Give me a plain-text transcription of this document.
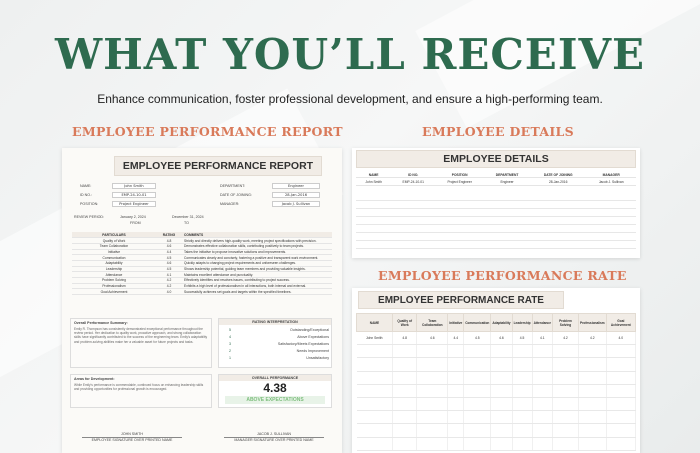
WHAT YOU’LL RECEIVE
Enhance communication, foster professional development, and ensure a high-performing team.
EMPLOYEE PERFORMANCE REPORT	EMPLOYEE DETAILS
EMPLOYEE PERFORMANCE RATE
EMPLOYEE PERFORMANCE REPORT
NAME:	John Smith
ID NO.:	EMP-24-10-01
POSITION:	Project Engineer
DEPARTMENT:	Engineer
DATE OF JOINING:	28-Jan-2016
MANAGER:	Jacob J. Sullivan
REVIEW PERIOD:	January 2, 2024	December 31, 2024
FROM	TO
PARTICULARS	RATING	COMMENTS
Quality of Work	4.8	Strictly and directly delivers high-quality work, meeting project specifications with precision.
Team Collaboration	4.6	Demonstrates effective collaboration skills, contributing positively to team projects.
Initiative	4.4	Takes the initiative to propose innovative solutions and improvements.
Communication	4.5	Communicates clearly and concisely, fostering a positive and transparent work environment.
Adaptability	4.6	Quickly adapts to changing project requirements and unforeseen challenges.
Leadership	4.5	Shows leadership potential, guiding team members and providing valuable insights.
Attendance	4.1	Maintains excellent attendance and punctuality.
Problem Solving	4.2	Effectively identifies and resolves issues, contributing to project success.
Professionalism	4.2	Exhibits a high level of professionalism in all interactions, both internal and external.
Goal Achievement	4.0	Successfully achieves set goals and targets within the specified timelines.
Overall Performance Summary:
Emily R. Thompson has consistently demonstrated exceptional performance throughout the review period. Her dedication to quality work, proactive approach, and strong collaboration skills have significantly contributed to the success of the engineering team. Emily's adaptability and problem-solving abilities make her a valuable asset for future projects and tasks.
RATING INTERPRETATION
5	Outstanding/Exceptional
4	Above Expectations
3	Satisfactory/Meets Expectations
2	Needs Improvement
1	Unsatisfactory
Areas for Development:
While Emily's performance is commendable, continued focus on enhancing leadership skills and providing opportunities for professional growth is encouraged.
OVERALL PERFORMANCE
4.38
ABOVE EXPECTATIONS
JOHN SMITH
EMPLOYEE SIGNATURE OVER PRINTED NAME
JACOB J. SULLIVAN
MANAGER SIGNATURE OVER PRINTED NAME
EMPLOYEE DETAILS
NAME	ID NO.	POSITION	DEPARTMENT	DATE OF JOINING	MANAGER
John Smith	EMP-24-10-01	Project Engineer	Engineer	28-Jan-2016	Jacob J. Sullivan
EMPLOYEE PERFORMANCE RATE
NAME	Quality of Work	Team Collaboration	Initiative	Communication	Adaptability	Leadership	Attendance	Problem Solving	Professionalism	Goal Achievement
John Smith	4.8	4.6	4.4	4.5	4.6	4.5	4.1	4.2	4.2	4.0
